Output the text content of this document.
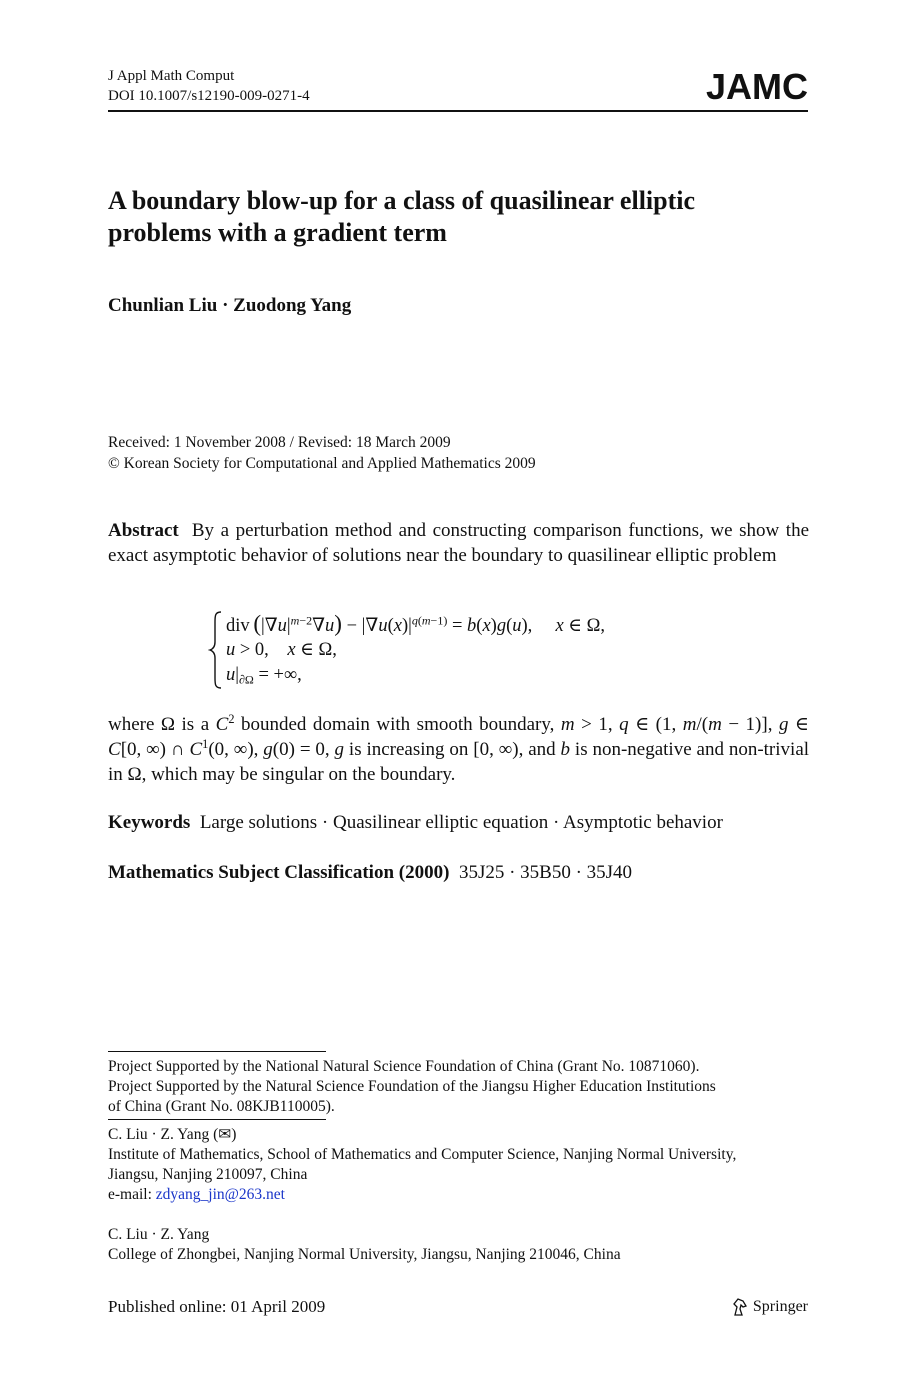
J Appl Math Comput
DOI 10.1007/s12190-009-0271-4	JAMC
A boundary blow-up for a class of quasilinear elliptic
problems with a gradient term
Chunlian Liu · Zuodong Yang
Received: 1 November 2008 / Revised: 18 March 2009
© Korean Society for Computational and Applied Mathematics 2009
Abstract By a perturbation method and constructing comparison functions, we show the exact asymptotic behavior of solutions near the boundary to quasilinear elliptic problem
div $(|\nabla u|^{m-2}\nabla u) - |\nabla u(x)|^{q(m-1)} = b(x)g(u)$,     x ∈ Ω,
u > 0,    x ∈ Ω,
$u|_{\partial\Omega}$ = +∞,
where Ω is a $C^2$ bounded domain with smooth boundary, m > 1, q ∈ (1, m/(m − 1)], g ∈ C[0, ∞) ∩ $C^1(0$, ∞), g(0) = 0, g is increasing on [0, ∞), and b is non-negative and non-trivial in Ω, which may be singular on the boundary.
Keywords Large solutions · Quasilinear elliptic equation · Asymptotic behavior
Mathematics Subject Classification (2000) 35J25 · 35B50 · 35J40
Project Supported by the National Natural Science Foundation of China (Grant No. 10871060).
Project Supported by the Natural Science Foundation of the Jiangsu Higher Education Institutions
of China (Grant No. 08KJB110005).
C. Liu · Z. Yang (✉)
Institute of Mathematics, School of Mathematics and Computer Science, Nanjing Normal University,
Jiangsu, Nanjing 210097, China
e-mail: zdyang_jin@263.net
C. Liu · Z. Yang
College of Zhongbei, Nanjing Normal University, Jiangsu, Nanjing 210046, China
Published online: 01 April 2009	Springer
